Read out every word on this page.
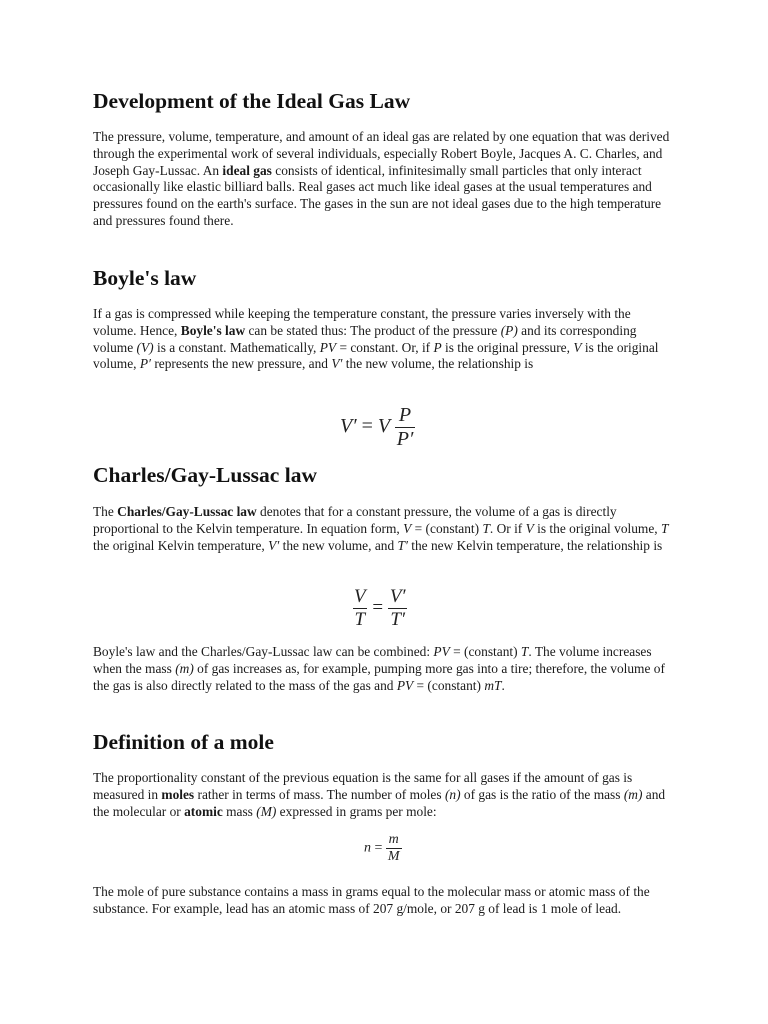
Development of the Ideal Gas Law

The pressure, volume, temperature, and amount of an ideal gas are related by one equation that was derived through the experimental work of several individuals, especially Robert Boyle, Jacques A. C. Charles, and Joseph Gay-Lussac. An ideal gas consists of identical, infinitesimally small particles that only interact occasionally like elastic billiard balls. Real gases act much like ideal gases at the usual temperatures and pressures found on the earth's surface. The gases in the sun are not ideal gases due to the high temperature and pressures found there.

Boyle's law

If a gas is compressed while keeping the temperature constant, the pressure varies inversely with the volume. Hence, Boyle's law can be stated thus: The product of the pressure (P) and its corresponding volume (V) is a constant. Mathematically, PV = constant. Or, if P is the original pressure, V is the original volume, P′ represents the new pressure, and V′ the new volume, the relationship is

V′ = V $\frac{P}{P'}$
Charles/Gay-Lussac law

The Charles/Gay-Lussac law denotes that for a constant pressure, the volume of a gas is directly proportional to the Kelvin temperature. In equation form, V = (constant) T. Or if V is the original volume, T the original Kelvin temperature, V′ the new volume, and T′ the new Kelvin temperature, the relationship is

$\frac{V}{T} = \frac{V'}{T'}$

Boyle's law and the Charles/Gay-Lussac law can be combined: PV = (constant) T. The volume increases when the mass (m) of gas increases as, for example, pumping more gas into a tire; therefore, the volume of the gas is also directly related to the mass of the gas and PV = (constant) mT.

Definition of a mole

The proportionality constant of the previous equation is the same for all gases if the amount of gas is measured in moles rather in terms of mass. The number of moles (n) of gas is the ratio of the mass (m) and the molecular or atomic mass (M) expressed in grams per mole:

$n = \frac{m}{M}$

The mole of pure substance contains a mass in grams equal to the molecular mass or atomic mass of the substance. For example, lead has an atomic mass of 207 g/mole, or 207 g of lead is 1 mole of lead.
